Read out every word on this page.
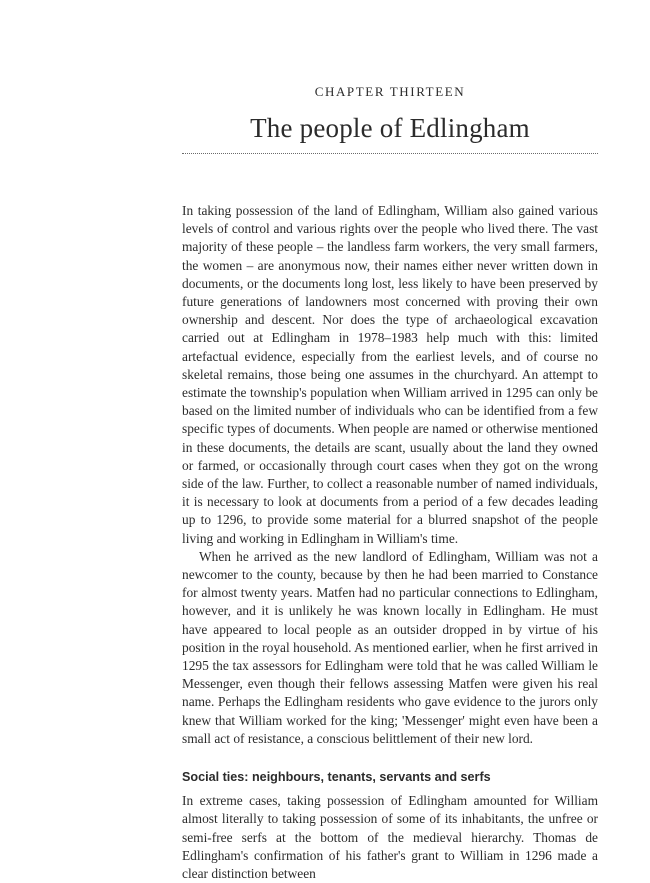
CHAPTER THIRTEEN
The people of Edlingham

In taking possession of the land of Edlingham, William also gained various levels of control and various rights over the people who lived there. The vast majority of these people – the landless farm workers, the very small farmers, the women – are anonymous now, their names either never written down in documents, or the documents long lost, less likely to have been preserved by future generations of landowners most concerned with proving their own ownership and descent. Nor does the type of archaeological excavation carried out at Edlingham in 1978–1983 help much with this: limited artefactual evidence, especially from the earliest levels, and of course no skeletal remains, those being one assumes in the churchyard. An attempt to estimate the township's population when William arrived in 1295 can only be based on the limited number of individuals who can be identified from a few specific types of documents. When people are named or otherwise mentioned in these documents, the details are scant, usually about the land they owned or farmed, or occasionally through court cases when they got on the wrong side of the law. Further, to collect a reasonable number of named individuals, it is necessary to look at documents from a period of a few decades leading up to 1296, to provide some material for a blurred snapshot of the people living and working in Edlingham in William's time.

When he arrived as the new landlord of Edlingham, William was not a newcomer to the county, because by then he had been married to Constance for almost twenty years. Matfen had no particular connections to Edlingham, however, and it is unlikely he was known locally in Edlingham. He must have appeared to local people as an outsider dropped in by virtue of his position in the royal household. As mentioned earlier, when he first arrived in 1295 the tax assessors for Edlingham were told that he was called William le Messenger, even though their fellows assessing Matfen were given his real name. Perhaps the Edlingham residents who gave evidence to the jurors only knew that William worked for the king; 'Messenger' might even have been a small act of resistance, a conscious belittlement of their new lord.

Social ties: neighbours, tenants, servants and serfs

In extreme cases, taking possession of Edlingham amounted for William almost literally to taking possession of some of its inhabitants, the unfree or semi-free serfs at the bottom of the medieval hierarchy. Thomas de Edlingham's confirmation of his father's grant to William in 1296 made a clear distinction between
